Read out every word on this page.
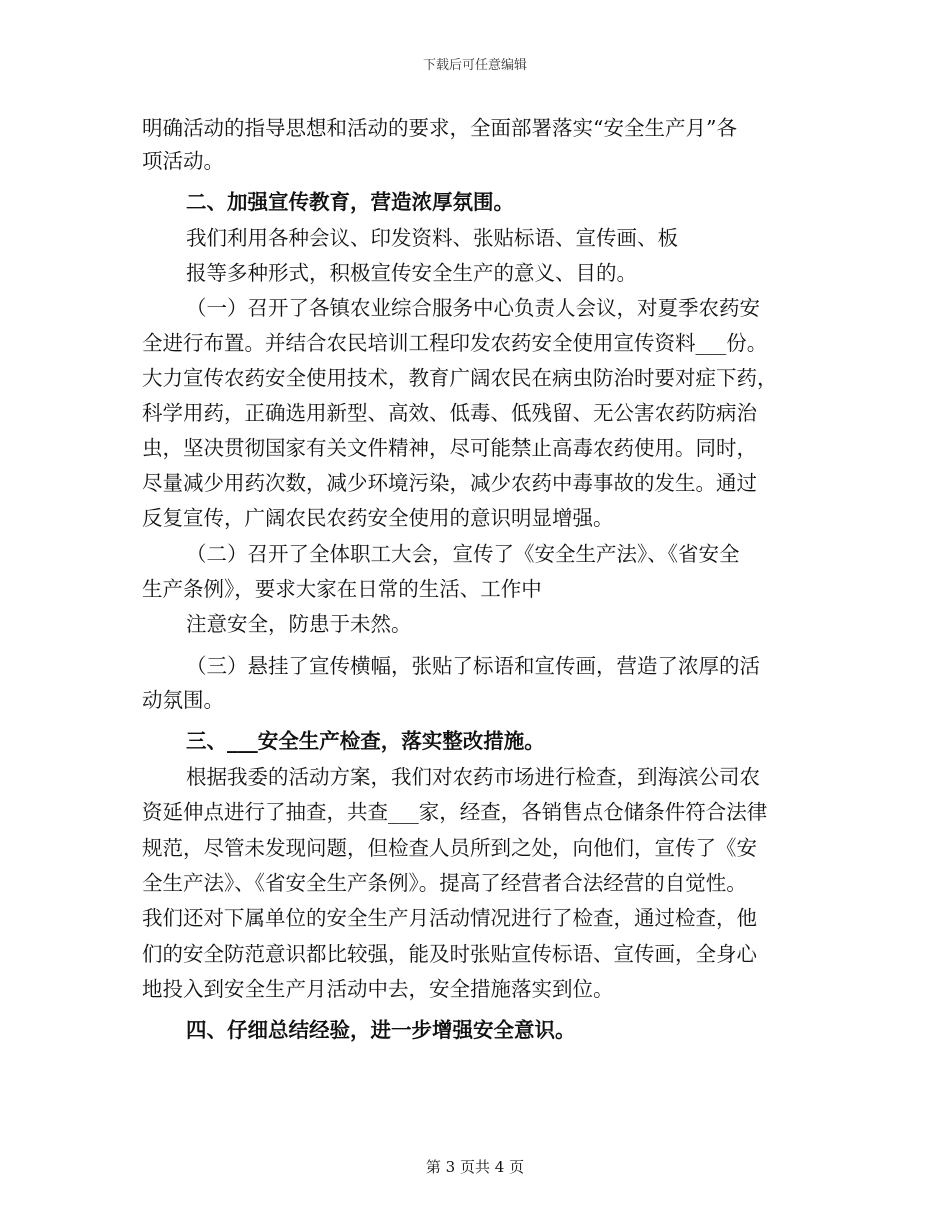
下载后可任意编辑
明确活动的指导思想和活动的要求，全面部署落实“安全生产月”各
项活动。
二、加强宣传教育，营造浓厚氛围。
我们利用各种会议、印发资料、张贴标语、宣传画、板
报等多种形式，积极宣传安全生产的意义、目的。
（一）召开了各镇农业综合服务中心负责人会议，对夏季农药安
全进行布置。并结合农民培训工程印发农药安全使用宣传资料___份。
大力宣传农药安全使用技术，教育广阔农民在病虫防治时要对症下药，
科学用药，正确选用新型、高效、低毒、低残留、无公害农药防病治
虫，坚决贯彻国家有关文件精神，尽可能禁止高毒农药使用。同时，
尽量减少用药次数，减少环境污染，减少农药中毒事故的发生。通过
反复宣传，广阔农民农药安全使用的意识明显增强。
（二）召开了全体职工大会，宣传了《安全生产法》、《省安全
生产条例》，要求大家在日常的生活、工作中
注意安全，防患于未然。
（三）悬挂了宣传横幅，张贴了标语和宣传画，营造了浓厚的活
动氛围。
三、___安全生产检查，落实整改措施。
根据我委的活动方案，我们对农药市场进行检查，到海滨公司农
资延伸点进行了抽查，共查___家，经查，各销售点仓储条件符合法律
规范，尽管未发现问题，但检查人员所到之处，向他们，宣传了《安
全生产法》、《省安全生产条例》。提高了经营者合法经营的自觉性。
我们还对下属单位的安全生产月活动情况进行了检查，通过检查，他
们的安全防范意识都比较强，能及时张贴宣传标语、宣传画，全身心
地投入到安全生产月活动中去，安全措施落实到位。
四、仔细总结经验，进一步增强安全意识。
第 3 页共 4 页
